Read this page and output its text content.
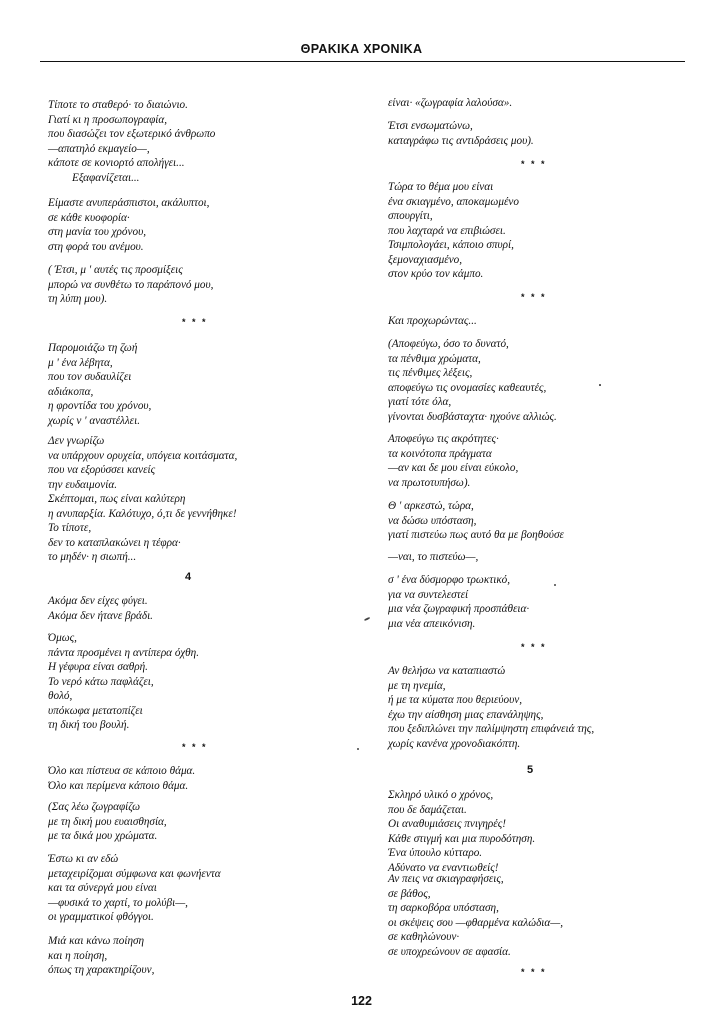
ΘΡΑΚΙΚΑ ΧΡΟΝΙΚΑ
Τίποτε το σταθερό· το διαιώνιο.
Γιατί κι η προσωπογραφία,
που διασώζει τον εξωτερικό άνθρωπο
—απατηλό εκμαγείο—,
κάποτε σε κονιορτό απολήγει...
Εξαφανίζεται...
Είμαστε ανυπεράσπιστοι, ακάλυπτοι,
σε κάθε κυοφορία·
στη μανία του χρόνου,
στη φορά του ανέμου.
( Έτσι, μ ' αυτές τις προσμίξεις
μπορώ να συνθέτω το παράπονό μου,
τη λύπη μου).
* * *
Παρομοιάζω τη ζωή
μ ' ένα λέβητα,
που τον συδαυλίζει
αδιάκοπα,
η φροντίδα του χρόνου,
χωρίς ν ' αναστέλλει.
Δεν γνωρίζω
να υπάρχουν ορυχεία, υπόγεια κοιτάσματα,
που να εξορύσσει κανείς
την ευδαιμονία.
Σκέπτομαι, πως είναι καλύτερη
η ανυπαρξία. Καλότυχο, ό,τι δε γεννήθηκε!
Το τίποτε,
δεν το καταπλακώνει η τέφρα·
το μηδέν· η σιωπή...
4
Ακόμα δεν είχες φύγει.
Ακόμα δεν ήτανε βράδι.
Όμως,
πάντα προσμένει η αντίπερα όχθη.
Η γέφυρα είναι σαθρή.
Το νερό κάτω παφλάζει,
θολό,
υπόκωφα μετατοπίζει
τη δική του βουλή.
* * *
Όλο και πίστευα σε κάποιο θάμα.
Όλο και περίμενα κάποιο θάμα.
(Σας λέω ζωγραφίζω
με τη δική μου ευαισθησία,
με τα δικά μου χρώματα.
Έστω κι αν εδώ
μεταχειρίζομαι σύμφωνα και φωνήεντα
και τα σύνεργά μου είναι
—φυσικά το χαρτί, το μολύβι—,
οι γραμματικοί φθόγγοι.
Μιά και κάνω ποίηση
και η ποίηση,
όπως τη χαρακτηρίζουν,
είναι· «ζωγραφία λαλούσα».
Έτσι ενσωματώνω,
καταγράφω τις αντιδράσεις μου).
* * *
Τώρα το θέμα μου είναι
ένα σκιαγμένο, αποκαμωμένο
σπουργίτι,
που λαχταρά να επιβιώσει.
Τσιμπολογάει, κάποιο σπυρί,
ξεμοναχιασμένο,
στον κρύο τον κάμπο.
* * *
Και προχωρώντας...
(Αποφεύγω, όσο το δυνατό,
τα πένθιμα χρώματα,
τις πένθιμες λέξεις,
αποφεύγω τις ονομασίες καθεαυτές,
γιατί τότε όλα,
γίνονται δυσβάσταχτα· ηχούνε αλλιώς.
Αποφεύγω τις ακρότητες·
τα κοινότοπα πράγματα
—αν και δε μου είναι εύκολο,
να πρωτοτυπήσω).
Θ ' αρκεστώ, τώρα,
να δώσω υπόσταση,
γιατί πιστεύω πως αυτό θα με βοηθούσε
—ναι, το πιστεύω—,
σ ' ένα δύσμορφο τρωκτικό,
για να συντελεστεί
μια νέα ζωγραφική προσπάθεια·
μια νέα απεικόνιση.
* * *
Αν θελήσω να καταπιαστώ
με τη ηνεμία,
ή με τα κύματα που θεριεύουν,
έχω την αίσθηση μιας επανάληψης,
που ξεδιπλώνει την παλίμψηστη επιφάνειά της,
χωρίς κανένα χρονοδιακόπτη.
5
Σκληρό υλικό ο χρόνος,
που δε δαμάζεται.
Οι αναθυμιάσεις πνιγηρές!
Κάθε στιγμή και μια πυροδότηση.
Ένα ύπουλο κύτταρο.
Αδύνατο να εναντιωθείς!
Αν πεις να σκιαγραφήσεις,
σε βάθος,
τη σαρκοβόρα υπόσταση,
οι σκέψεις σου —φθαρμένα καλώδια—,
σε καθηλώνουν·
σε υποχρεώνουν σε αφασία.
* * *
122
